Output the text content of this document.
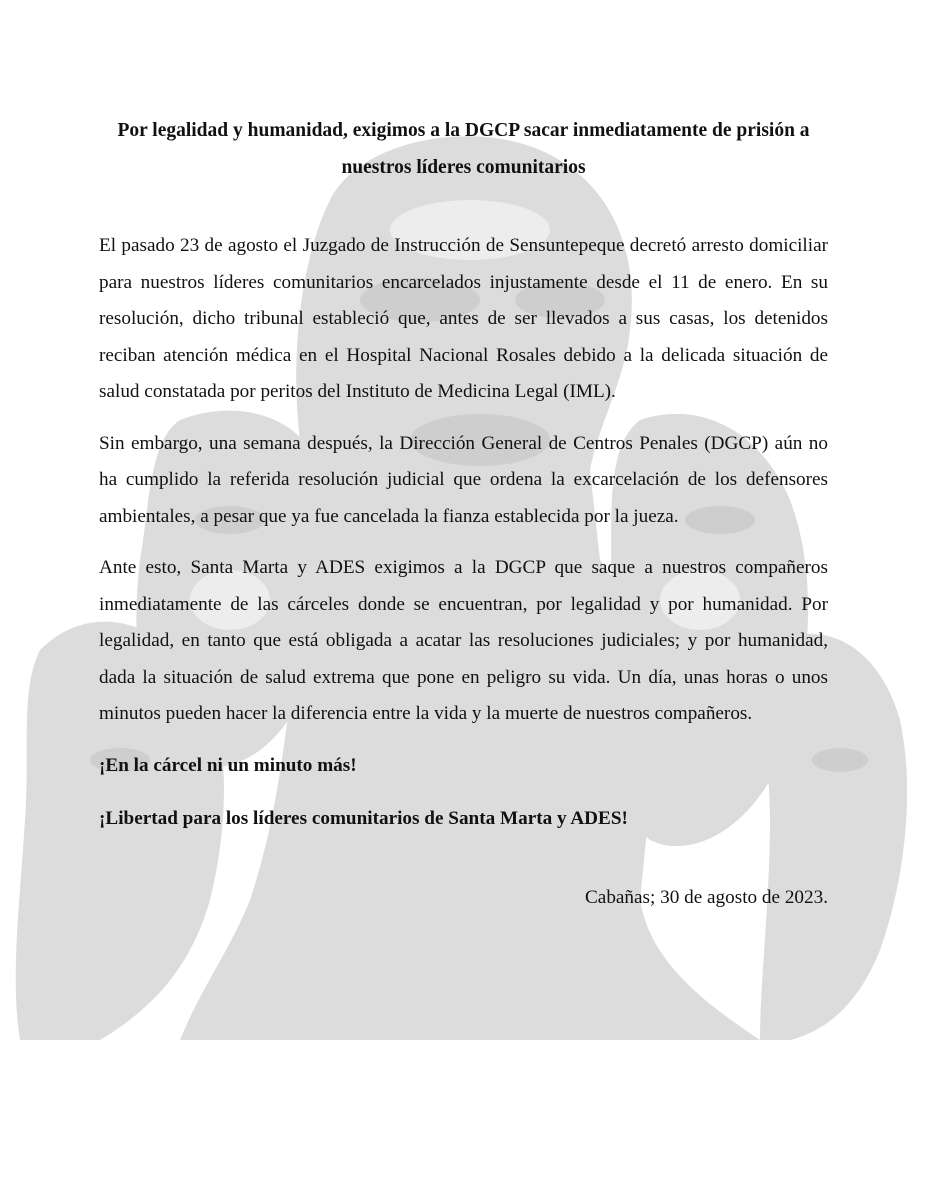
Por legalidad y humanidad, exigimos a la DGCP sacar inmediatamente de prisión a nuestros líderes comunitarios

El pasado 23 de agosto el Juzgado de Instrucción de Sensuntepeque decretó arresto domiciliar para nuestros líderes comunitarios encarcelados injustamente desde el 11 de enero. En su resolución, dicho tribunal estableció que, antes de ser llevados a sus casas, los detenidos reciban atención médica en el Hospital Nacional Rosales debido a la delicada situación de salud constatada por peritos del Instituto de Medicina Legal (IML).

Sin embargo, una semana después, la Dirección General de Centros Penales (DGCP) aún no ha cumplido la referida resolución judicial que ordena la excarcelación de los defensores ambientales, a pesar que ya fue cancelada la fianza establecida por la jueza.

Ante esto, Santa Marta y ADES exigimos a la DGCP que saque a nuestros compañeros inmediatamente de las cárceles donde se encuentran, por legalidad y por humanidad. Por legalidad, en tanto que está obligada a acatar las resoluciones judiciales; y por humanidad, dada la situación de salud extrema que pone en peligro su vida. Un día, unas horas o unos minutos pueden hacer la diferencia entre la vida y la muerte de nuestros compañeros.

¡En la cárcel ni un minuto más!

¡Libertad para los líderes comunitarios de Santa Marta y ADES!

Cabañas; 30 de agosto de 2023.
